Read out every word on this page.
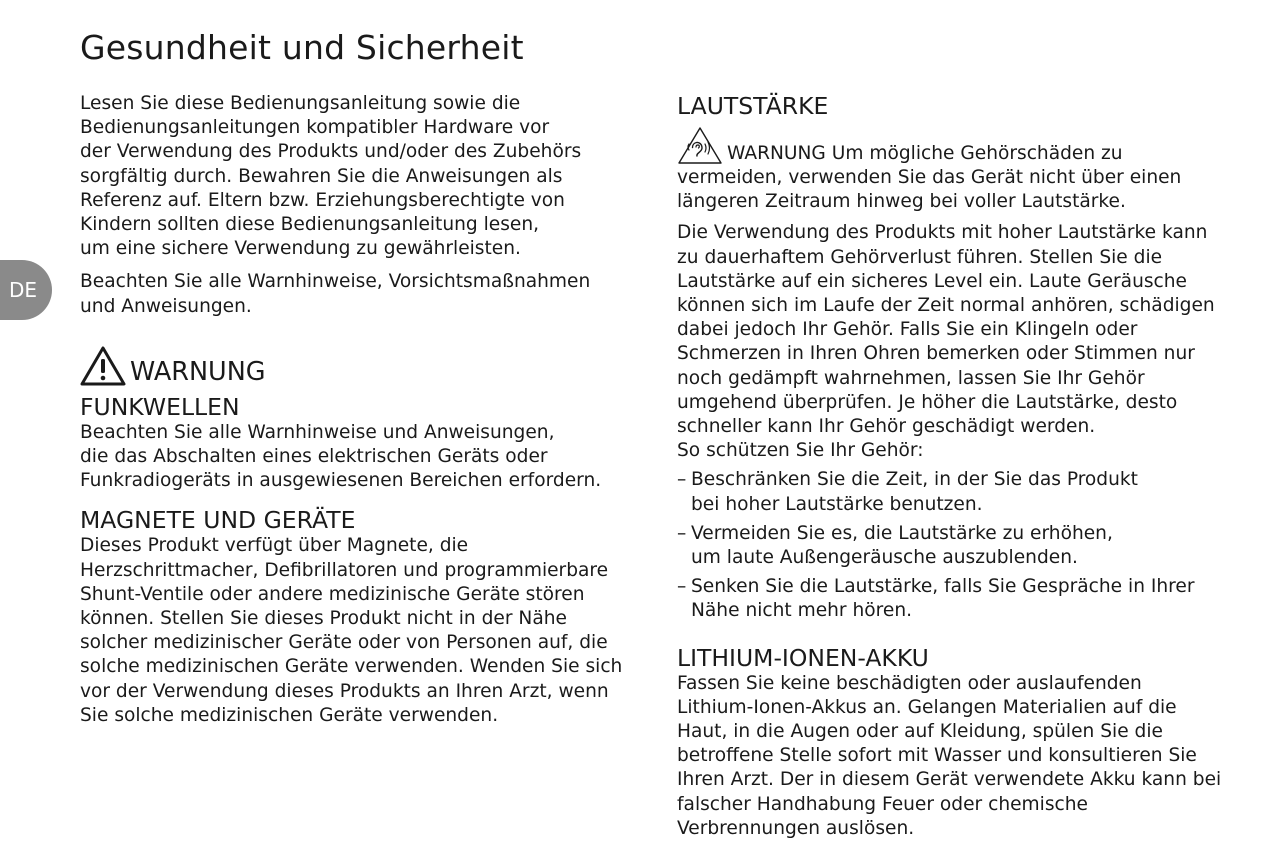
Gesundheit und Sicherheit
DE

Lesen Sie diese Bedienungsanleitung sowie die
Bedienungsanleitungen kompatibler Hardware vor
der Verwendung des Produkts und/oder des Zubehörs
sorgfältig durch. Bewahren Sie die Anweisungen als
Referenz auf. Eltern bzw. Erziehungsberechtigte von
Kindern sollten diese Bedienungsanleitung lesen,
um eine sichere Verwendung zu gewährleisten.

Beachten Sie alle Warnhinweise, Vorsichtsmaßnahmen
und Anweisungen.

WARNUNG
FUNKWELLEN

Beachten Sie alle Warnhinweise und Anweisungen,
die das Abschalten eines elektrischen Geräts oder
Funkradiogeräts in ausgewiesenen Bereichen erfordern.

MAGNETE UND GERÄTE

Dieses Produkt verfügt über Magnete, die
Herzschrittmacher, Defibrillatoren und programmierbare
Shunt-Ventile oder andere medizinische Geräte stören
können. Stellen Sie dieses Produkt nicht in der Nähe
solcher medizinischer Geräte oder von Personen auf, die
solche medizinischen Geräte verwenden. Wenden Sie sich
vor der Verwendung dieses Produkts an Ihren Arzt, wenn
Sie solche medizinischen Geräte verwenden.

LAUTSTÄRKE
WARNUNG Um mögliche Gehörschäden zu

vermeiden, verwenden Sie das Gerät nicht über einen
längeren Zeitraum hinweg bei voller Lautstärke.

Die Verwendung des Produkts mit hoher Lautstärke kann
zu dauerhaftem Gehörverlust führen. Stellen Sie die
Lautstärke auf ein sicheres Level ein. Laute Geräusche
können sich im Laufe der Zeit normal anhören, schädigen
dabei jedoch Ihr Gehör. Falls Sie ein Klingeln oder
Schmerzen in Ihren Ohren bemerken oder Stimmen nur
noch gedämpft wahrnehmen, lassen Sie Ihr Gehör
umgehend überprüfen. Je höher die Lautstärke, desto
schneller kann Ihr Gehör geschädigt werden.
So schützen Sie Ihr Gehör:

– Beschränken Sie die Zeit, in der Sie das Produkt
bei hoher Lautstärke benutzen.

– Vermeiden Sie es, die Lautstärke zu erhöhen,
um laute Außengeräusche auszublenden.

– Senken Sie die Lautstärke, falls Sie Gespräche in Ihrer
Nähe nicht mehr hören.

LITHIUM-IONEN-AKKU

Fassen Sie keine beschädigten oder auslaufenden
Lithium-Ionen-Akkus an. Gelangen Materialien auf die
Haut, in die Augen oder auf Kleidung, spülen Sie die
betroffene Stelle sofort mit Wasser und konsultieren Sie
Ihren Arzt. Der in diesem Gerät verwendete Akku kann bei
falscher Handhabung Feuer oder chemische
Verbrennungen auslösen.
